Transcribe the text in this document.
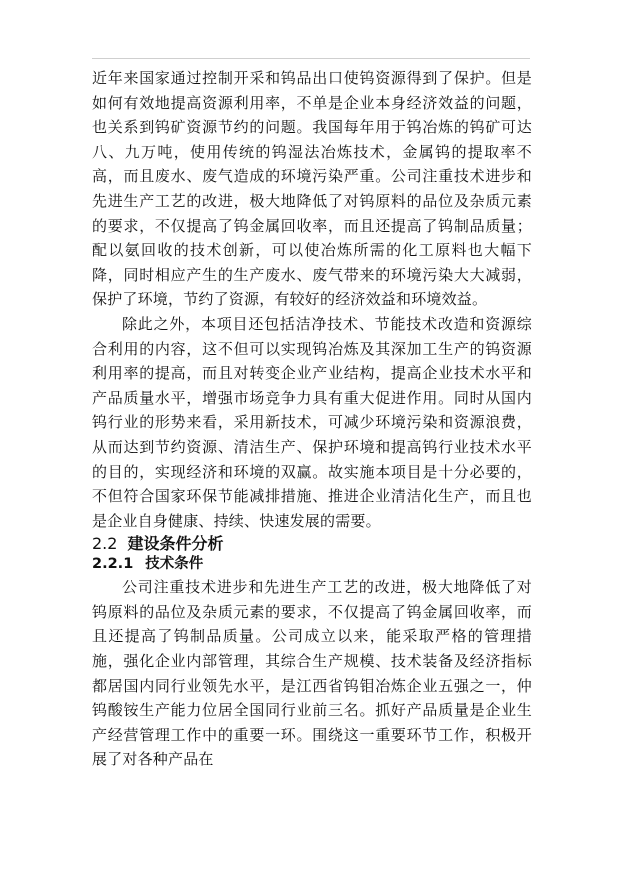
近年来国家通过控制开采和钨品出口使钨资源得到了保护。但是如何有效地提高资源利用率，不单是企业本身经济效益的问题，也关系到钨矿资源节约的问题。我国每年用于钨冶炼的钨矿可达八、九万吨，使用传统的钨湿法冶炼技术，金属钨的提取率不高，而且废水、废气造成的环境污染严重。公司注重技术进步和先进生产工艺的改进，极大地降低了对钨原料的品位及杂质元素的要求，不仅提高了钨金属回收率，而且还提高了钨制品质量；配以氨回收的技术创新，可以使冶炼所需的化工原料也大幅下降，同时相应产生的生产废水、废气带来的环境污染大大减弱，保护了环境，节约了资源，有较好的经济效益和环境效益。

除此之外，本项目还包括洁净技术、节能技术改造和资源综合利用的内容，这不但可以实现钨冶炼及其深加工生产的钨资源利用率的提高，而且对转变企业产业结构，提高企业技术水平和产品质量水平，增强市场竞争力具有重大促进作用。同时从国内钨行业的形势来看，采用新技术，可减少环境污染和资源浪费，从而达到节约资源、清洁生产、保护环境和提高钨行业技术水平的目的，实现经济和环境的双赢。故实施本项目是十分必要的，不但符合国家环保节能减排措施、推进企业清洁化生产，而且也是企业自身健康、持续、快速发展的需要。

2.2 建设条件分析
2.2.1 技术条件

公司注重技术进步和先进生产工艺的改进，极大地降低了对钨原料的品位及杂质元素的要求，不仅提高了钨金属回收率，而且还提高了钨制品质量。公司成立以来，能采取严格的管理措施，强化企业内部管理，其综合生产规模、技术装备及经济指标都居国内同行业领先水平，是江西省钨钼冶炼企业五强之一，仲钨酸铵生产能力位居全国同行业前三名。抓好产品质量是企业生产经营管理工作中的重要一环。围绕这一重要环节工作，积极开展了对各种产品在
